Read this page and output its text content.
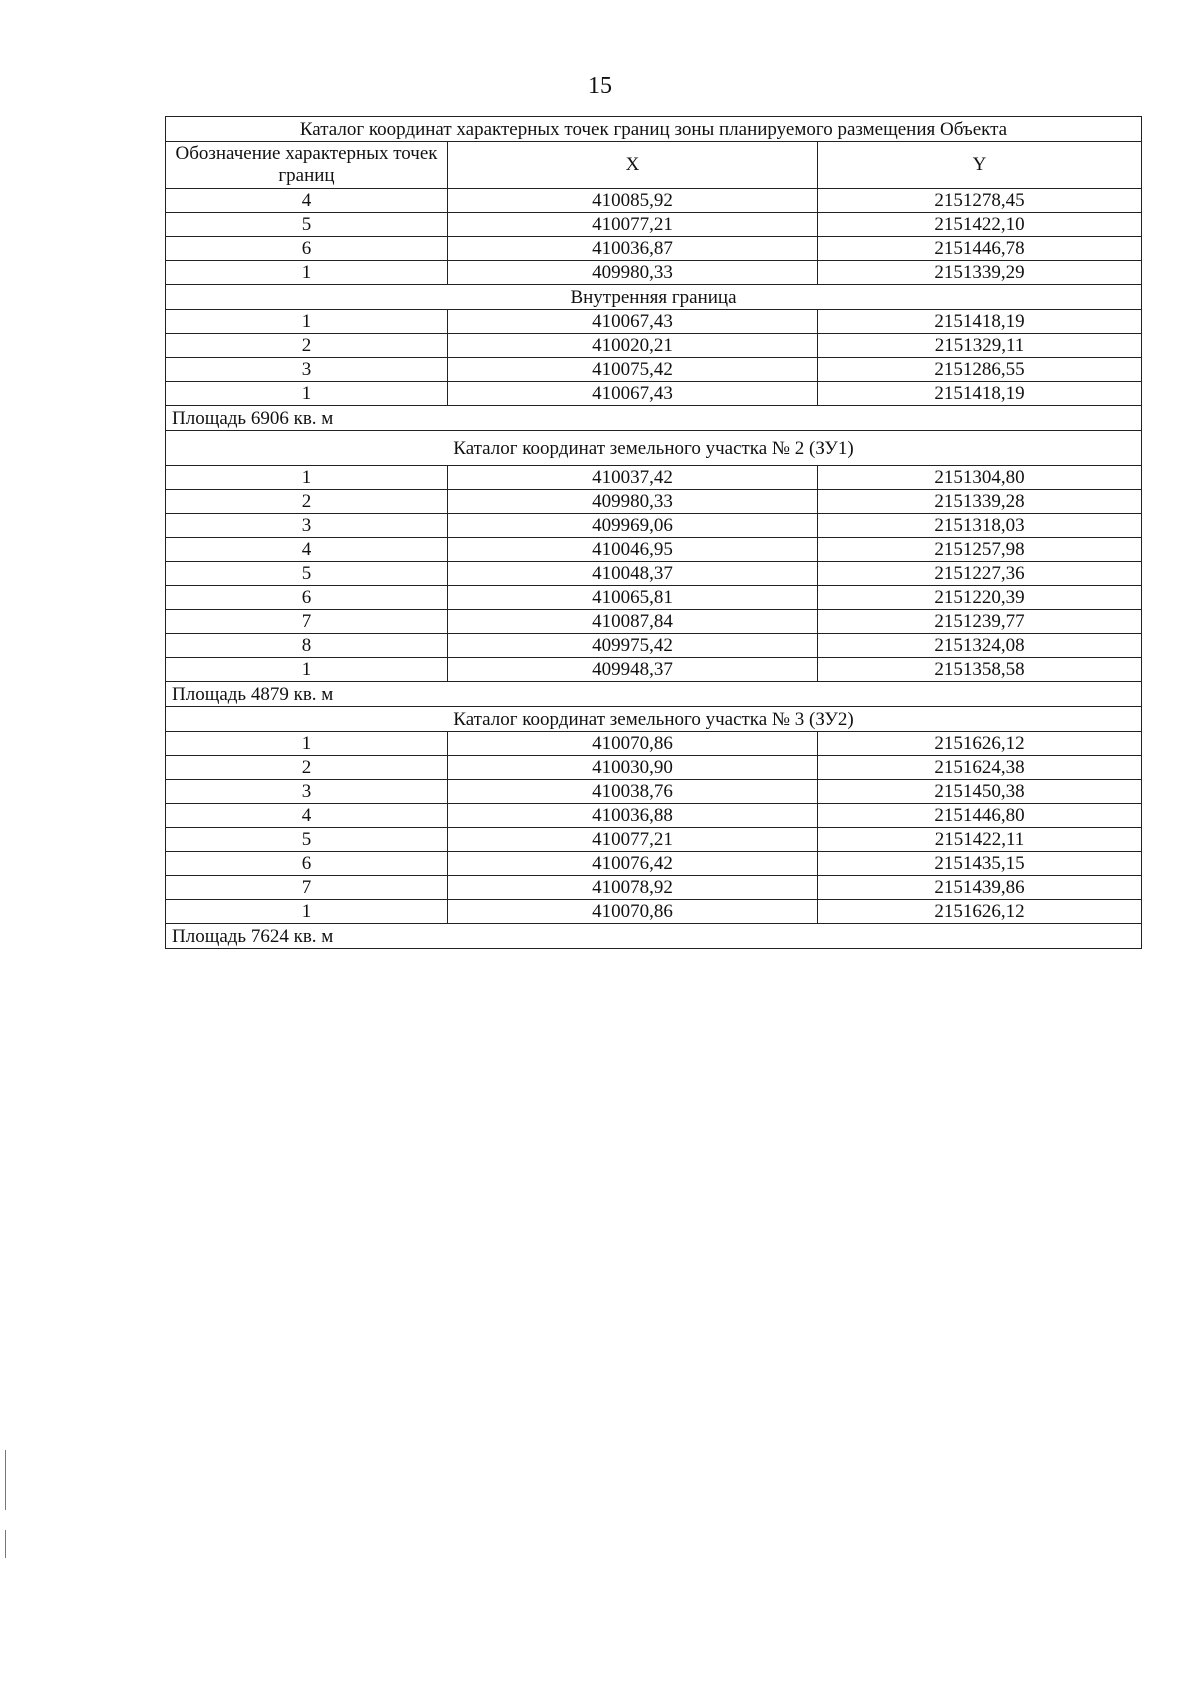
15
Каталог координат характерных точек границ зоны планируемого размещения Объекта		
Обозначение характерных точек границ	X	Y
4	410085,92	2151278,45
5	410077,21	2151422,10
6	410036,87	2151446,78
1	409980,33	2151339,29
Внутренняя граница		
1	410067,43	2151418,19
2	410020,21	2151329,11
3	410075,42	2151286,55
1	410067,43	2151418,19
Площадь 6906 кв. м		
Каталог координат земельного участка № 2 (ЗУ1)		
1	410037,42	2151304,80
2	409980,33	2151339,28
3	409969,06	2151318,03
4	410046,95	2151257,98
5	410048,37	2151227,36
6	410065,81	2151220,39
7	410087,84	2151239,77
8	409975,42	2151324,08
1	409948,37	2151358,58
Площадь 4879 кв. м		
Каталог координат земельного участка № 3 (ЗУ2)		
1	410070,86	2151626,12
2	410030,90	2151624,38
3	410038,76	2151450,38
4	410036,88	2151446,80
5	410077,21	2151422,11
6	410076,42	2151435,15
7	410078,92	2151439,86
1	410070,86	2151626,12
Площадь 7624 кв. м		
